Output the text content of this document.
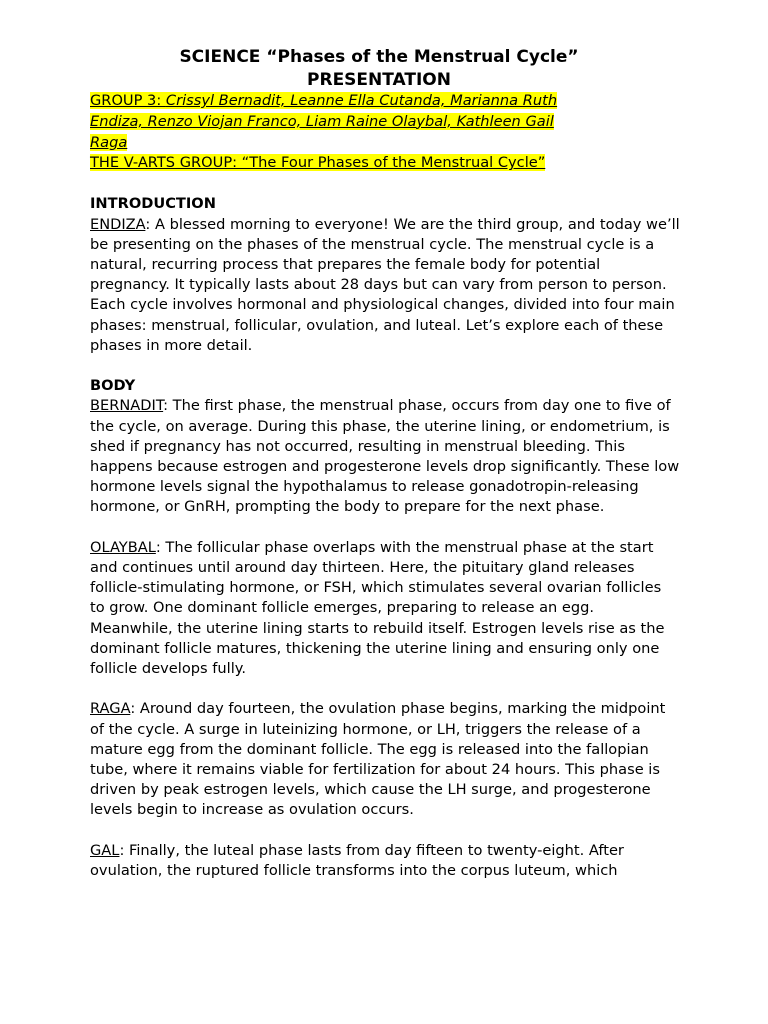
SCIENCE “Phases of the Menstrual Cycle”
PRESENTATION
GROUP 3: Crissyl Bernadit, Leanne Ella Cutanda, Marianna Ruth
Endiza, Renzo Viojan Franco, Liam Raine Olaybal, Kathleen Gail
Raga
THE V-ARTS GROUP: “The Four Phases of the Menstrual Cycle”
INTRODUCTION

ENDIZA: A blessed morning to everyone! We are the third group, and today we’ll be presenting on the phases of the menstrual cycle. The menstrual cycle is a natural, recurring process that prepares the female body for potential pregnancy. It typically lasts about 28 days but can vary from person to person. Each cycle involves hormonal and physiological changes, divided into four main phases: menstrual, follicular, ovulation, and luteal. Let’s explore each of these phases in more detail.

BODY

BERNADIT: The first phase, the menstrual phase, occurs from day one to five of the cycle, on average. During this phase, the uterine lining, or endometrium, is shed if pregnancy has not occurred, resulting in menstrual bleeding. This happens because estrogen and progesterone levels drop significantly. These low hormone levels signal the hypothalamus to release gonadotropin-releasing hormone, or GnRH, prompting the body to prepare for the next phase.

OLAYBAL: The follicular phase overlaps with the menstrual phase at the start and continues until around day thirteen. Here, the pituitary gland releases follicle-stimulating hormone, or FSH, which stimulates several ovarian follicles to grow. One dominant follicle emerges, preparing to release an egg. Meanwhile, the uterine lining starts to rebuild itself. Estrogen levels rise as the dominant follicle matures, thickening the uterine lining and ensuring only one follicle develops fully.

RAGA: Around day fourteen, the ovulation phase begins, marking the midpoint of the cycle. A surge in luteinizing hormone, or LH, triggers the release of a mature egg from the dominant follicle. The egg is released into the fallopian tube, where it remains viable for fertilization for about 24 hours. This phase is driven by peak estrogen levels, which cause the LH surge, and progesterone levels begin to increase as ovulation occurs.

GAL: Finally, the luteal phase lasts from day fifteen to twenty-eight. After ovulation, the ruptured follicle transforms into the corpus luteum, which
